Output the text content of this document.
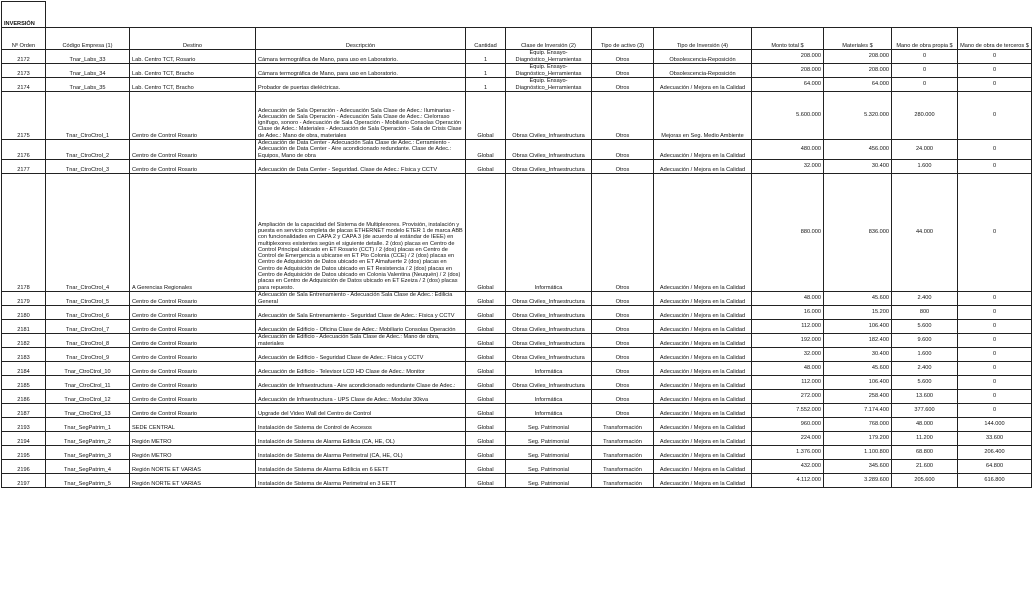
INVERSIÓN											
Nº Orden	Código Empresa (1)	Destino	Descripción	Cantidad	Clase de Inversión (2)	Tipo de activo (3)	Tipo de Inversión (4)	Monto total $	Materiales $	Mano de obra propia $	Mano de obra de terceros $
2172	Tnar_Labs_33	Lab. Centro TCT, Rosario	Cámara termográfica de Mano, para uso en Laboratorio.	1	Equip. Ensayo-Diagnóstico_Herramientas	Otros	Obsolescencia-Reposición	208.000	208.000	0	0
2173	Tnar_Labs_34	Lab. Centro TCT, Bracho	Cámara termográfica de Mano, para uso en Laboratorio.	1	Equip. Ensayo-Diagnóstico_Herramientas	Otros	Obsolescencia-Reposición	208.000	208.000	0	0
2174	Tnar_Labs_35	Lab. Centro TCT, Bracho	Probador de puertas dieléctricas.	1	Equip. Ensayo-Diagnóstico_Herramientas	Otros	Adecuación / Mejora en la Calidad	64.000	64.000	0	0
2175	Tnar_CtroCtrol_1	Centro de Control Rosario	Adecuación de Sala Operación - Adecuación Sala Clase de Adec.: Iluminarias - Adecuación de Sala Operación - Adecuación Sala Clase de Adec.: Cielorraso ignífugo, sonoro - Adecuación de Sala Operación - Mobiliario Consolas Operación Clase de Adec.: Materiales - Adecuación de Sala Operación - Sala de Crisis Clase de Adec.: Mano de obra, materiales	Global	Obras Civiles_Infraestructura	Otros	Mejoras en Seg. Medio Ambiente	5.600.000	5.320.000	280.000	0
2176	Tnar_CtroCtrol_2	Centro de Control Rosario	Adecuación de Data Center - Adecuación Sala Clase de Adec.: Cerramiento - Adecuación de Data Center - Aire acondicionado redundante. Clase de Adec.: Equipos, Mano de obra	Global	Obras Civiles_Infraestructura	Otros	Adecuación / Mejora en la Calidad	480.000	456.000	24.000	0
2177	Tnar_CtroCtrol_3	Centro de Control Rosario	Adecuación de Data Center - Seguridad. Clase de Adec.: Física y CCTV	Global	Obras Civiles_Infraestructura	Otros	Adecuación / Mejora en la Calidad	32.000	30.400	1.600	0
2178	Tnar_CtroCtrol_4	A Gerencias Regionales	Ampliación de la capacidad del Sistema de Multiplexores. Provisión, instalación y puesta en servicio completa de placas ETHERNET modelo ETER 1 de marca ABB con funcionalidades en CAPA 2 y CAPA 3 (de acuerdo al estándar de IEEE) en multiplexores existentes según el siguiente detalle. 2 (dos) placas en Centro de Control Principal ubicado en ET Rosario (CCT) / 2 (dos) placas en Centro de Control de Emergencia a ubicarse en ET Pto Colonia (CCE) / 2 (dos) placas en Centro de Adquisición de Datos ubicado en ET Almafuerte 2 (dos) placas en Centro de Adquisición de Datos ubicado en ET Resistencia / 2 (dos) placas en Centro de Adquisición de Datos ubicado en Colonia Valentina (Neuquén) / 2 (dos) placas en Centro de Adquisición de Datos ubicado en ET Ezeiza / 2 (dos) placas para repuesto.	Global	Informática	Otros	Adecuación / Mejora en la Calidad	880.000	836.000	44.000	0
2179	Tnar_CtroCtrol_5	Centro de Control Rosario	Adecuación de Sala Entrenamiento - Adecuación Sala Clase de Adec.: Edilicia General	Global	Obras Civiles_Infraestructura	Otros	Adecuación / Mejora en la Calidad	48.000	45.600	2.400	0
2180	Tnar_CtroCtrol_6	Centro de Control Rosario	Adecuación de Sala Entrenamiento - Seguridad Clase de Adec.: Física y CCTV	Global	Obras Civiles_Infraestructura	Otros	Adecuación / Mejora en la Calidad	16.000	15.200	800	0
2181	Tnar_CtroCtrol_7	Centro de Control Rosario	Adecuación de Edificio - Oficina Clase de Adec.: Mobiliario Consolas Operación	Global	Obras Civiles_Infraestructura	Otros	Adecuación / Mejora en la Calidad	112.000	106.400	5.600	0
2182	Tnar_CtroCtrol_8	Centro de Control Rosario	Adecuación de Edificio - Adecuación Sala Clase de Adec.: Mano de obra, materiales	Global	Obras Civiles_Infraestructura	Otros	Adecuación / Mejora en la Calidad	192.000	182.400	9.600	0
2183	Tnar_CtroCtrol_9	Centro de Control Rosario	Adecuación de Edificio - Seguridad Clase de Adec.: Física y CCTV	Global	Obras Civiles_Infraestructura	Otros	Adecuación / Mejora en la Calidad	32.000	30.400	1.600	0
2184	Tnar_CtroCtrol_10	Centro de Control Rosario	Adecuación de Edificio - Televisor LCD HD Clase de Adec.: Monitor	Global	Informática	Otros	Adecuación / Mejora en la Calidad	48.000	45.600	2.400	0
2185	Tnar_CtroCtrol_11	Centro de Control Rosario	Adecuación de Infraestructura - Aire acondicionado redundante Clase de Adec.:	Global	Obras Civiles_Infraestructura	Otros	Adecuación / Mejora en la Calidad	112.000	106.400	5.600	0
2186	Tnar_CtroCtrol_12	Centro de Control Rosario	Adecuación de Infraestructura - UPS Clase de Adec.: Modular 30kva	Global	Informática	Otros	Adecuación / Mejora en la Calidad	272.000	258.400	13.600	0
2187	Tnar_CtroCtrol_13	Centro de Control Rosario	Upgrade del Video Wall del Centro de Control	Global	Informática	Otros	Adecuación / Mejora en la Calidad	7.552.000	7.174.400	377.600	0
2193	Tnar_SegPatrim_1	SEDE CENTRAL	Instalación de Sistema de Control de Accesos	Global	Seg. Patrimonial	Transformación	Adecuación / Mejora en la Calidad	960.000	768.000	48.000	144.000
2194	Tnar_SegPatrim_2	Región METRO	Instalación de Sistema de Alarma Edilicia (CA, HE, OL)	Global	Seg. Patrimonial	Transformación	Adecuación / Mejora en la Calidad	224.000	179.200	11.200	33.600
2195	Tnar_SegPatrim_3	Región METRO	Instalación de Sistema de Alarma Perimetral (CA, HE, OL)	Global	Seg. Patrimonial	Transformación	Adecuación / Mejora en la Calidad	1.376.000	1.100.800	68.800	206.400
2196	Tnar_SegPatrim_4	Región NORTE ET VARIAS	Instalación de Sistema de Alarma Edilicia en 6 EETT	Global	Seg. Patrimonial	Transformación	Adecuación / Mejora en la Calidad	432.000	345.600	21.600	64.800
2197	Tnar_SegPatrim_5	Región NORTE ET VARIAS	Instalación de Sistema de Alarma Perimetral en 3 EETT	Global	Seg. Patrimonial	Transformación	Adecuación / Mejora en la Calidad	4.112.000	3.289.600	205.600	616.800
